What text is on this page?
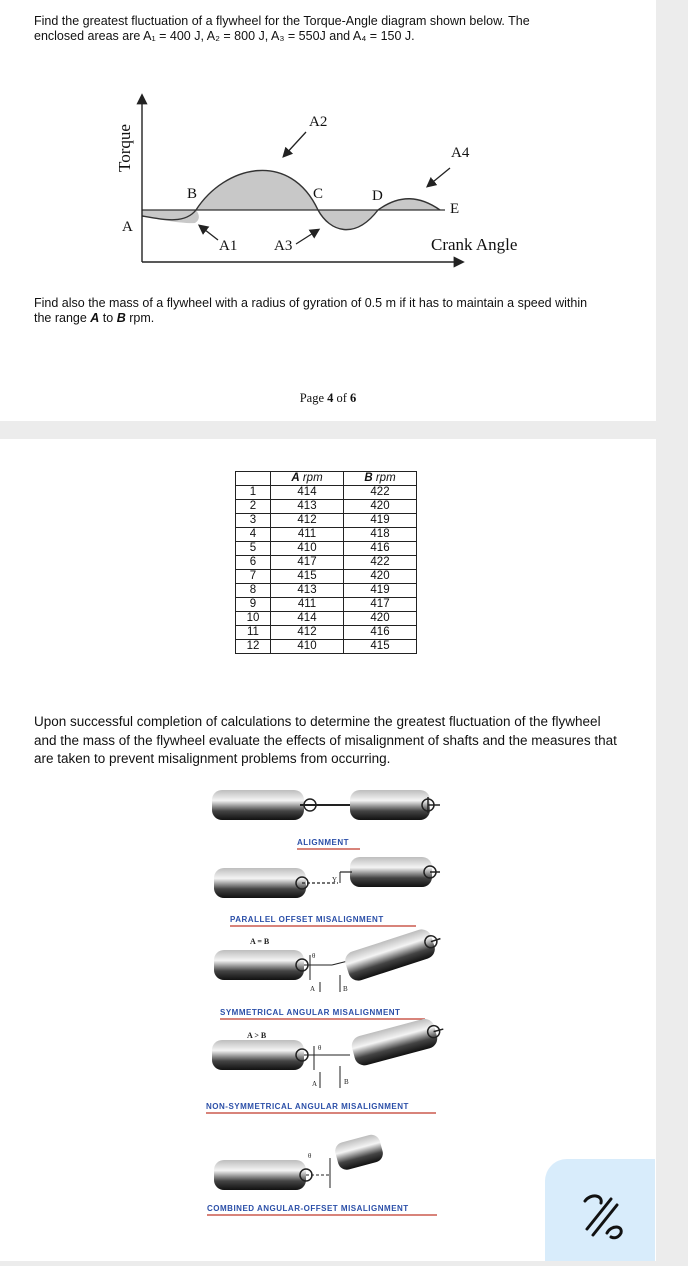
Find the greatest fluctuation of a flywheel for the Torque-Angle diagram shown below. The
enclosed areas are A₁ = 400 J, A₂ = 800 J, A₃ = 550J and A₄ = 150 J.
Torque
Crank Angle
A
B	C	D
E
A1
A2
A3
A4
Find also the mass of a flywheel with a radius of gyration of 0.5 m if it has to maintain a speed within the range A to B rpm.
Page 4 of 6
	A rpm	B rpm
1	414	422
2	413	420
3	412	419
4	411	418
5	410	416
6	417	422
7	415	420
8	413	419
9	411	417
10	414	420
11	412	416
12	410	415
Upon successful completion of calculations to determine the greatest fluctuation of the flywheel and the mass of the flywheel evaluate the effects of misalignment of shafts and the measures that are taken to prevent misalignment problems from occurring.
ALIGNMENT
Y
PARALLEL OFFSET MISALIGNMENT
A = B
θ
A	B
SYMMETRICAL ANGULAR MISALIGNMENT
A > B
θ
A	B
NON-SYMMETRICAL ANGULAR MISALIGNMENT
θ
COMBINED ANGULAR-OFFSET MISALIGNMENT
